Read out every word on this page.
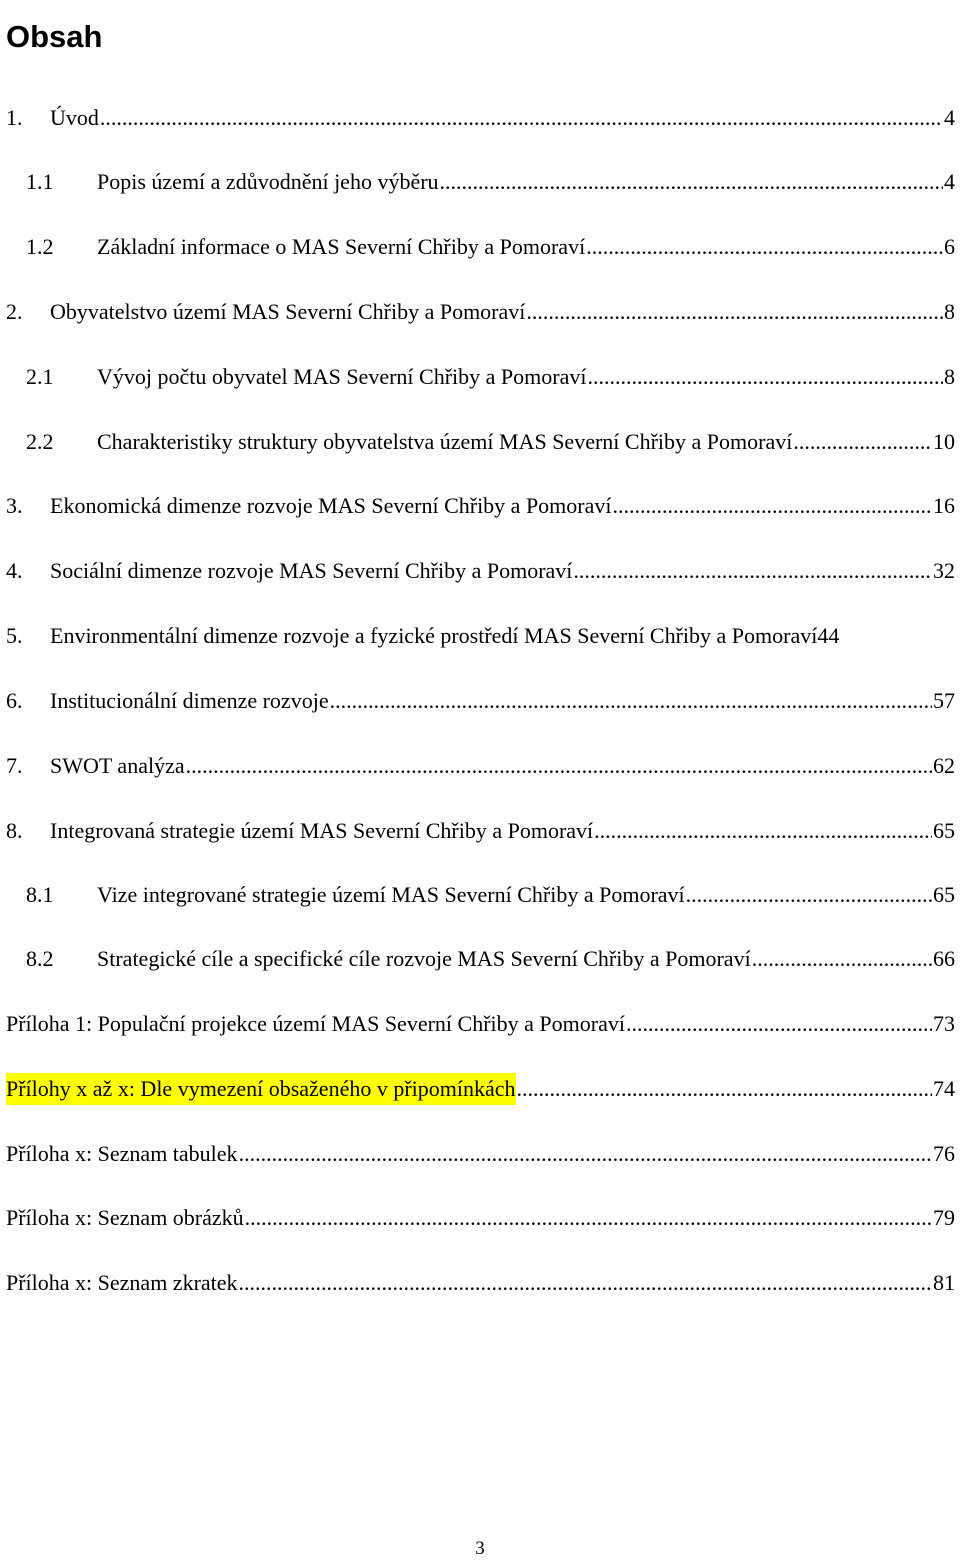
Obsah
1. Úvod .....	4
1.1 Popis území a zdůvodnění jeho výběru .....	4
1.2 Základní informace o MAS Severní Chřiby a Pomoraví .....	6
2. Obyvatelstvo území MAS Severní Chřiby a Pomoraví .....	8
2.1 Vývoj počtu obyvatel MAS Severní Chřiby a Pomoraví .....	8
2.2 Charakteristiky struktury obyvatelstva území MAS Severní Chřiby a Pomoraví .....	10
3. Ekonomická dimenze rozvoje MAS Severní Chřiby a Pomoraví .....	16
4. Sociální dimenze rozvoje MAS Severní Chřiby a Pomoraví .....	32
5. Environmentální dimenze rozvoje a fyzické prostředí MAS Severní Chřiby a Pomoraví 44
6. Institucionální dimenze rozvoje .....	57
7. SWOT analýza .....	62
8. Integrovaná strategie území MAS Severní Chřiby a Pomoraví .....	65
8.1 Vize integrované strategie území MAS Severní Chřiby a Pomoraví .....	65
8.2 Strategické cíle a specifické cíle rozvoje MAS Severní Chřiby a Pomoraví .....	66
Příloha 1: Populační projekce území MAS Severní Chřiby a Pomoraví .....	73
Přílohy x až x: Dle vymezení obsaženého v připomínkách .....	74
Příloha x: Seznam tabulek .....	76
Příloha x: Seznam obrázků .....	79
Příloha x: Seznam zkratek .....	81
3
